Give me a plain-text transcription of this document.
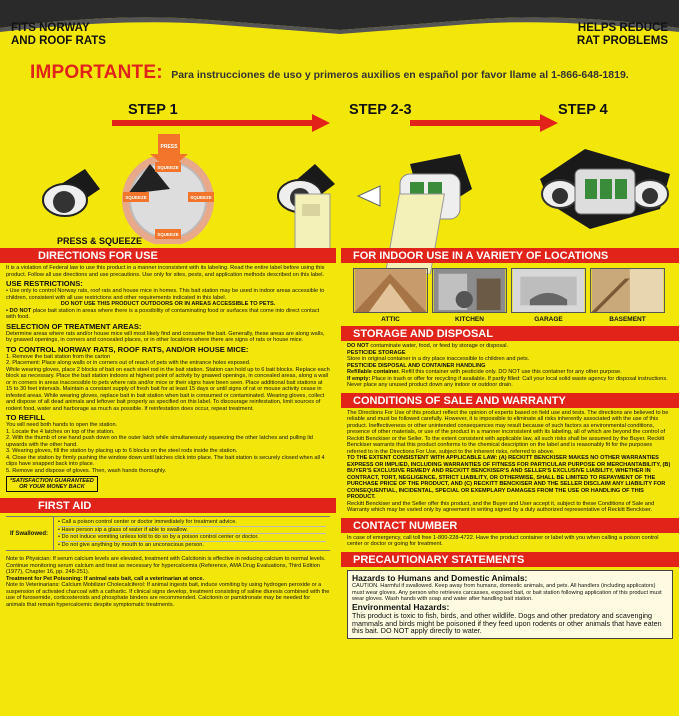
FITS NORWAY
AND ROOF RATS
HELPS REDUCE
RAT PROBLEMS
IMPORTANTE: Para instrucciones de uso y primeros auxilios en español por favor llame al 1-866-648-1819.
STEP 1	STEP 2-3	STEP 4
PRESS
SQUEEZE	SQUEEZE
SQUEEZE
SQUEEZE
PRESS & SQUEEZE
DIRECTIONS FOR USE
It is a violation of Federal law to use this product in a manner inconsistent with its labeling. Read the entire label before using this product. Follow all use directions and use precautions. Use only for sites, pests, and application methods described on this label.
USE RESTRICTIONS:
• Use only to control Norway rats, roof rats and house mice in homes. This bait station may be used in indoor areas accessible to children, consistent with all use restrictions and other requirements indicated in this label.
DO NOT USE THIS PRODUCT OUTDOORS OR IN AREAS ACCESSIBLE TO PETS.
• DO NOT place bait station in areas where there is a possibility of contaminating food or surfaces that come into direct contact with food.
SELECTION OF TREATMENT AREAS:
Determine areas where rats and/or house mice will most likely find and consume the bait. Generally, these areas are along walls, by gnawed openings, in corners and concealed places, or in other locations where there are signs of rats or house mice.
TO CONTROL NORWAY RATS, ROOF RATS, AND/OR HOUSE MICE:
1. Remove the bait station from the carton
2. Placement: Place along walls or in corners out of reach of pets with the entrance holes exposed.
While wearing gloves, place 2 blocks of bait on each steel rod in the bait station. Station can hold up to 6 bait blocks. Replace each block as necessary. Place the bait station indoors at highest point of activity by gnawed openings, in concealed areas, along a wall or in corners in areas inaccessible to pets where rats and/or mice or their signs have been seen. Place additional bait stations at 15 to 30 feet intervals. Maintain a constant supply of fresh bait for at least 15 days or until signs of rat or mouse activity cease in infested areas. While wearing gloves, replace bait in bait station when bait is consumed or contaminated. Wearing gloves, collect and dispose of all dead animals and leftover bait properly as specified on this label. To discourage reinfestation, limit sources of rodent food, water and harborage as much as possible. If reinfestation does occur, repeat treatment.
TO REFILL
You will need both hands to open the station.
1. Locate the 4 latches on top of the station.
2. With the thumb of one hand push down on the outer latch while simultaneously squeezing the other latches and pulling lid upwards with the other hand.
3. Wearing gloves, fill the station by placing up to 6 blocks on the steel rods inside the station.
4. Close the station by firmly pushing the window down until latches click into place. The bait station is securely closed when all 4 clips have snapped back into place.
5. Remove and dispose of gloves. Then, wash hands thoroughly.
*SATISFACTION GUARANTEED
OR YOUR MONEY BACK
FIRST AID
If Swallowed:
• Call a poison control center or doctor immediately for treatment advice.
• Have person sip a glass of water if able to swallow.
• Do not induce vomiting unless told to do so by a poison control center or doctor.
• Do not give anything by mouth to an unconscious person.
Note to Physician: If serum calcium levels are elevated, treatment with Calcitonin is effective in reducing calcium to normal levels. Continue monitoring serum calcium and treat as necessary for hypercalcemia (Reference, AMA Drug Evaluations, Third Edition (1977), Chapter 16, pp. 248-251).
Treatment for Pet Poisoning: If animal eats bait, call a veterinarian at once.
Note to Veterinarians: Calcium Mobilizer Cholecalciferol: If animal ingests bait, induce vomiting by using hydrogen peroxide or a suspension of activated charcoal with a cathartic. If clinical signs develop, treatment consisting of saline diuresis combined with the use of furosemide, corticosteroids and phosphate binders are recommended. Calcitonin or pamidronate may be needed for animals that remain hypercalcemic despite symptomatic treatments.
FOR INDOOR USE IN A VARIETY OF LOCATIONS
ATTIC	KITCHEN	GARAGE	BASEMENT
STORAGE AND DISPOSAL
DO NOT contaminate water, food, or feed by storage or disposal.
PESTICIDE STORAGE
Store in original container in a dry place inaccessible to children and pets.
PESTICIDE DISPOSAL AND CONTAINER HANDLING
Refillable container. Refill this container with pesticide only. DO NOT use this container for any other purpose.
If empty: Place in trash or offer for recycling if available. If partly filled: Call your local solid waste agency for disposal instructions. Never place any unused product down any indoor or outdoor drain.
CONDITIONS OF SALE AND WARRANTY
The Directions For Use of this product reflect the opinion of experts based on field use and tests. The directions are believed to be reliable and must be followed carefully. However, it is impossible to eliminate all risks inherently associated with the use of this product. Ineffectiveness or other unintended consequences may result because of such factors as environmental conditions, presence of other materials, or use of the product in a manner inconsistent with its labeling, all of which are beyond the control of Reckitt Benckiser or the Seller. To the extent consistent with applicable law, all such risks shall be assumed by the Buyer. Reckitt Benckiser warrants that this product conforms to the chemical description on the label and is reasonably fit for the purposes referred to in the Directions For Use, subject to the inherent risks, referred to above.
TO THE EXTENT CONSISTENT WITH APPLICABLE LAW: (A) RECKITT BENCKISER MAKES NO OTHER WARRANTIES EXPRESS OR IMPLIED, INCLUDING WARRANTIES OF FITNESS FOR PARTICULAR PURPOSE OR MERCHANTABILITY, (B) BUYER'S EXCLUSIVE REMEDY AND RECKITT BENCKISER'S AND SELLER'S EXCLUSIVE LIABILITY, WHETHER IN CONTRACT, TORT, NEGLIGENCE, STRICT LIABILITY, OR OTHERWISE, SHALL BE LIMITED TO REPAYMENT OF THE PURCHASE PRICE OF THE PRODUCT, AND (C) RECKITT BENCKISER AND THE SELLER DISCLAIM ANY LIABILITY FOR CONSEQUENTIAL, INCIDENTAL, SPECIAL OR EXEMPLARY DAMAGES FROM THE USE OR HANDLING OF THIS PRODUCT.
Reckitt Benckiser and the Seller offer this product, and the Buyer and User accept it, subject to these Conditions of Sale and Warranty which may be varied only by agreement in writing signed by a duly authorized representative of Reckitt Benckiser.
CONTACT NUMBER
In case of emergency, call toll free 1-800-228-4722. Have the product container or label with you when calling a poison control center or doctor or going for treatment.
PRECAUTIONARY STATEMENTS
Hazards to Humans and Domestic Animals:
CAUTION. Harmful if swallowed. Keep away from humans, domestic animals, and pets. All handlers (including applicators) must wear gloves. Any person who retrieves carcasses, exposed bait, or bait station following application of this product must wear gloves. Wash hands with soap and water after handling bait station.
Environmental Hazards:
This product is toxic to fish, birds, and other wildlife. Dogs and other predatory and scavenging mammals and birds might be poisoned if they feed upon rodents or other animals that have eaten this bait. DO NOT apply directly to water.
